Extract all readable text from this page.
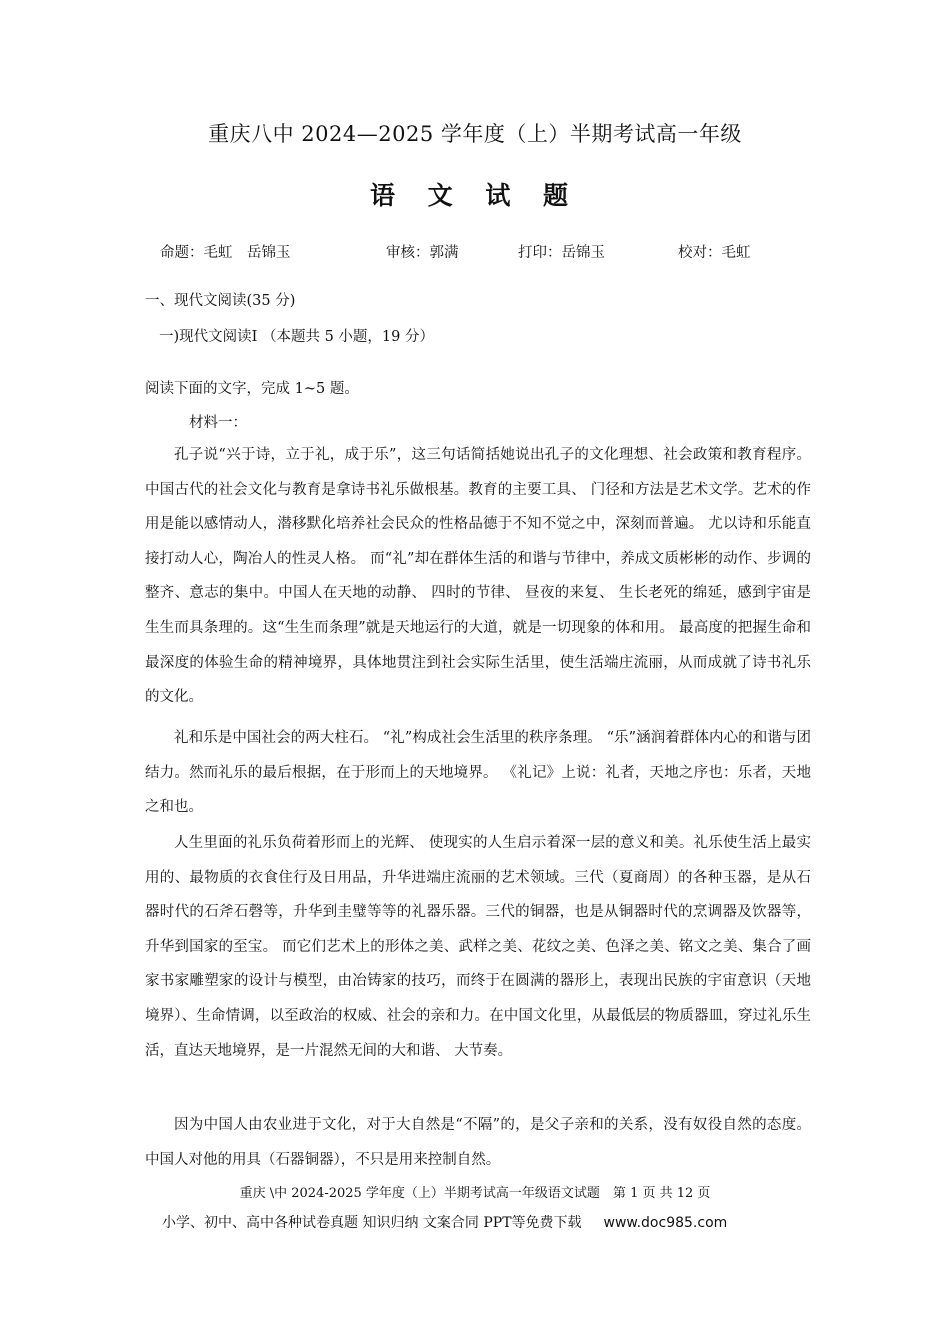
重庆八中 2024—2025 学年度（上）半期考试高一年级
语 文 试 题
命题：毛虹　岳锦玉	审核：郭满	打印：岳锦玉	校对：毛虹
一、现代文阅读(35 分)
一)现代文阅读Ⅰ （本题共 5 小题，19 分）
阅读下面的文字，完成 1~5 题。
材料一：

孔子说“兴于诗，立于礼，成于乐”，这三句话简括她说出孔子的文化理想、社会政策和教育程序。中国古代的社会文化与教育是拿诗书礼乐做根基。教育的主要工具、 门径和方法是艺术文学。艺术的作用是能以感情动人，潜移默化培养社会民众的性格品德于不知不觉之中，深刻而普遍。 尤以诗和乐能直接打动人心，陶冶人的性灵人格。 而“礼”却在群体生活的和谐与节律中，养成文质彬彬的动作、步调的整齐、意志的集中。中国人在天地的动静、 四时的节律、 昼夜的来复、 生长老死的绵延，感到宇宙是生生而具条理的。这“生生而条理”就是天地运行的大道，就是一切现象的体和用。 最高度的把握生命和最深度的体验生命的精神境界，具体地贯注到社会实际生活里，使生活端庄流丽，从而成就了诗书礼乐的文化。

礼和乐是中国社会的两大柱石。 “礼”构成社会生活里的秩序条理。 “乐”涵润着群体内心的和谐与团结力。然而礼乐的最后根据，在于形而上的天地境界。 《礼记》上说：礼者，天地之序也：乐者，天地之和也。

人生里面的礼乐负荷着形而上的光辉、 使现实的人生启示着深一层的意义和美。礼乐使生活上最实用的、最物质的衣食住行及日用品，升华进端庄流丽的艺术领域。三代（夏商周）的各种玉器，是从石器时代的石斧石磬等，升华到圭璧等等的礼器乐器。三代的铜器，也是从铜器时代的烹调器及饮器等，升华到国家的至宝。 而它们艺术上的形体之美、武样之美、花纹之美、色泽之美、铭文之美、集合了画家书家雕塑家的设计与模型，由冶铸家的技巧，而终于在圆满的器形上，表现出民族的宇宙意识（天地境界）、生命情调，以至政治的权威、社会的亲和力。在中国文化里，从最低层的物质器皿，穿过礼乐生活，直达天地境界，是一片混然无间的大和谐、 大节奏。

因为中国人由农业进于文化，对于大自然是“不隔”的，是父子亲和的关系，没有奴役自然的态度。中国人对他的用具（石器铜器），不只是用来控制自然。

重庆 \中 2024-2025 学年度（上）半期考试高一年级语文试题　第 1 页 共 12 页
小学、初中、高中各种试卷真题 知识归纳 文案合同 PPT等免费下载 www.doc985.com
